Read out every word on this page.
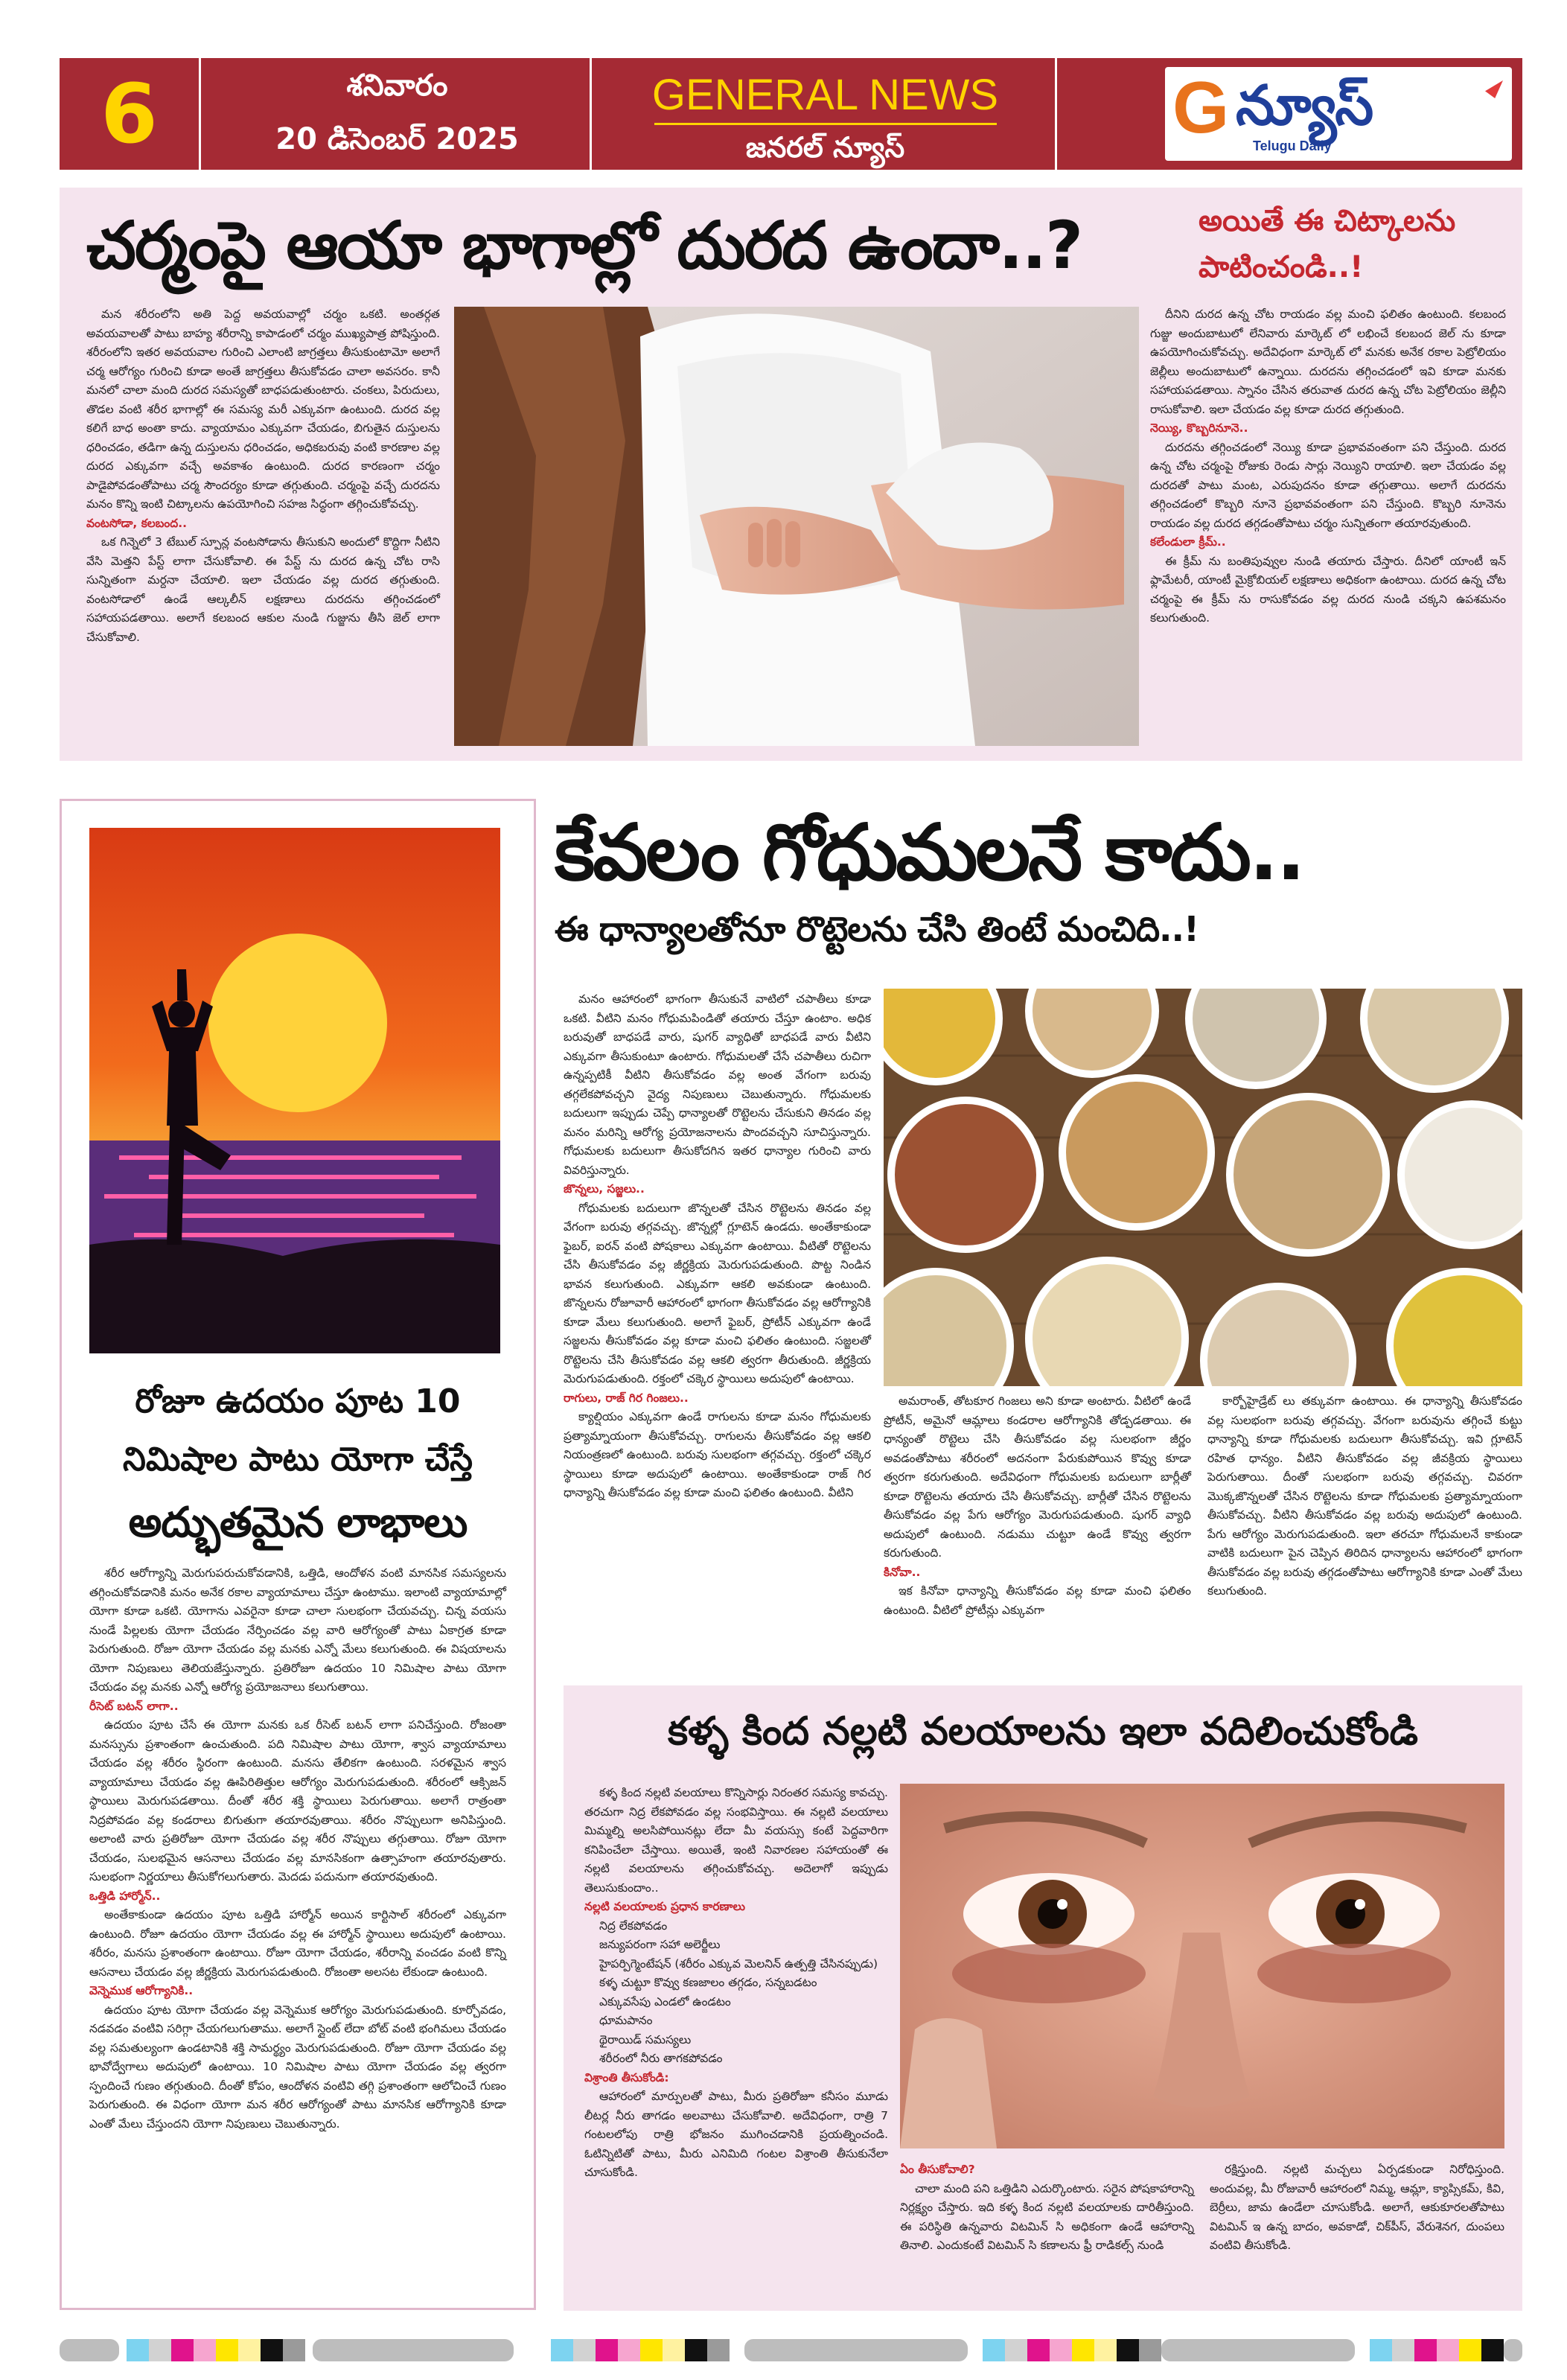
6	శనివారం
20 డిసెంబర్ 2025
GENERAL NEWS
జనరల్ న్యూస్	G న్యూస్
Telugu Daily
చర్మంపై ఆయా భాగాల్లో దురద ఉందా..?	అయితే ఈ చిట్కాలను
పాటించండి..!

మన శరీరంలోని అతి పెద్ద అవయవాల్లో చర్మం ఒకటి. అంతర్గత అవయవాలతో పాటు బాహ్య శరీరాన్ని కాపాడంలో చర్మం ముఖ్యపాత్ర పోషిస్తుంది. శరీరంలోని ఇతర అవయవాల గురించి ఎలాంటి జాగ్రత్తలు తీసుకుంటామో అలాగే చర్మ ఆరోగ్యం గురించి కూడా అంతే జాగ్రత్తలు తీసుకోవడం చాలా అవసరం. కానీ మనలో చాలా మంది దురద సమస్యతో బాధపడుతుంటారు. చంకలు, పిరుదులు, తొడల వంటి శరీర భాగాల్లో ఈ సమస్య మరీ ఎక్కువగా ఉంటుంది. దురద వల్ల కలిగే బాధ అంతా కాదు. వ్యాయామం ఎక్కువగా చేయడం, బిగుతైన దుస్తులను ధరించడం, తడిగా ఉన్న దుస్తులను ధరించడం, అధికబరువు వంటి కారణాల వల్ల దురద ఎక్కువగా వచ్చే అవకాశం ఉంటుంది. దురద కారణంగా చర్మం పాడైపోవడంతోపాటు చర్మ సౌందర్యం కూడా తగ్గుతుంది. చర్మంపై వచ్చే దురదను మనం కొన్ని ఇంటి చిట్కాలను ఉపయోగించి సహజ సిద్ధంగా తగ్గించుకోవచ్చు.

వంటసోడా, కలబంద..

ఒక గిన్నెలో 3 టేబుల్ స్పూన్ల వంటసోడాను తీసుకుని అందులో కొద్దిగా నీటిని వేసి మెత్తని పేస్ట్ లాగా చేసుకోవాలి. ఈ పేస్ట్ ను దురద ఉన్న చోట రాసి సున్నితంగా మర్దనా చేయాలి. ఇలా చేయడం వల్ల దురద తగ్గుతుంది. వంటసోడాలో ఉండే ఆల్కలీన్ లక్షణాలు దురదను తగ్గించడంలో సహాయపడతాయి. అలాగే కలబంద ఆకుల నుండి గుజ్జును తీసి జెల్ లాగా చేసుకోవాలి.

దీనిని దురద ఉన్న చోట రాయడం వల్ల మంచి ఫలితం ఉంటుంది. కలబంద గుజ్జు అందుబాటులో లేనివారు మార్కెట్ లో లభించే కలబంద జెల్ ను కూడా ఉపయోగించుకోవచ్చు. అదేవిధంగా మార్కెట్ లో మనకు అనేక రకాల పెట్రోలియం జెల్లీలు అందుబాటులో ఉన్నాయి. దురదను తగ్గించడంలో ఇవి కూడా మనకు సహాయపడతాయి. స్నానం చేసిన తరువాత దురద ఉన్న చోట పెట్రోలియం జెల్లీని రాసుకోవాలి. ఇలా చేయడం వల్ల కూడా దురద తగ్గుతుంది.

నెయ్యి, కొబ్బరినూనె..

దురదను తగ్గించడంలో నెయ్యి కూడా ప్రభావవంతంగా పని చేస్తుంది. దురద ఉన్న చోట చర్మంపై రోజుకు రెండు సార్లు నెయ్యిని రాయాలి. ఇలా చేయడం వల్ల దురదతో పాటు మంట, ఎరుపుదనం కూడా తగ్గుతాయి. అలాగే దురదను తగ్గించడంలో కొబ్బరి నూనె ప్రభావవంతంగా పని చేస్తుంది. కొబ్బరి నూనెను రాయడం వల్ల దురద తగ్గడంతోపాటు చర్మం సున్నితంగా తయారవుతుంది.

కలేండులా క్రీమ్..

ఈ క్రీమ్ ను బంతిపువ్వుల నుండి తయారు చేస్తారు. దీనిలో యాంటీ ఇన్ ఫ్లామేటరీ, యాంటీ మైక్రోబియల్ లక్షణాలు అధికంగా ఉంటాయి. దురద ఉన్న చోట చర్మంపై ఈ క్రీమ్ ను రాసుకోవడం వల్ల దురద నుండి చక్కని ఉపశమనం కలుగుతుంది.

రోజూ ఉదయం పూట 10
నిమిషాల పాటు యోగా చేస్తే
అద్భుతమైన లాభాలు

శరీర ఆరోగ్యాన్ని మెరుగుపరుచుకోవడానికి, ఒత్తిడి, ఆందోళన వంటి మానసిక సమస్యలను తగ్గించుకోవడానికి మనం అనేక రకాల వ్యాయామాలు చేస్తూ ఉంటాము. ఇలాంటి వ్యాయామాల్లో యోగా కూడా ఒకటి. యోగాను ఎవరైనా కూడా చాలా సులభంగా చేయవచ్చు. చిన్న వయసు నుండే పిల్లలకు యోగా చేయడం నేర్పించడం వల్ల వారి ఆరోగ్యంతో పాటు ఏకాగ్రత కూడా పెరుగుతుంది. రోజూ యోగా చేయడం వల్ల మనకు ఎన్నో మేలు కలుగుతుంది. ఈ విషయాలను యోగా నిపుణులు తెలియజేస్తున్నారు. ప్రతిరోజూ ఉదయం 10 నిమిషాల పాటు యోగా చేయడం వల్ల మనకు ఎన్నో ఆరోగ్య ప్రయోజనాలు కలుగుతాయి.

రీసెట్ బటన్ లాగా..

ఉదయం పూట చేసే ఈ యోగా మనకు ఒక రీసెట్ బటన్ లాగా పనిచేస్తుంది. రోజంతా మనస్సును ప్రశాంతంగా ఉంచుతుంది. పది నిమిషాల పాటు యోగా, శ్వాస వ్యాయామాలు చేయడం వల్ల శరీరం స్థిరంగా ఉంటుంది. మనసు తేలికగా ఉంటుంది. సరళమైన శ్వాస వ్యాయామాలు చేయడం వల్ల ఊపిరితిత్తుల ఆరోగ్యం మెరుగుపడుతుంది. శరీరంలో ఆక్సిజన్ స్థాయిలు మెరుగుపడతాయి. దీంతో శరీర శక్తి స్థాయిలు పెరుగుతాయి. అలాగే రాత్రంతా నిద్రపోవడం వల్ల కండరాలు బిగుతుగా తయారవుతాయి. శరీరం నొప్పులుగా అనిపిస్తుంది. అలాంటి వారు ప్రతిరోజూ యోగా చేయడం వల్ల శరీర నొప్పులు తగ్గుతాయి. రోజూ యోగా చేయడం, సులభమైన ఆసనాలు చేయడం వల్ల మానసికంగా ఉత్సాహంగా తయారవుతారు. సులభంగా నిర్ణయాలు తీసుకోగలుగుతారు. మెదడు పదునుగా తయారవుతుంది.

ఒత్తిడి హార్మోన్..

అంతేకాకుండా ఉదయం పూట ఒత్తిడి హార్మోన్ అయిన కార్టిసాల్ శరీరంలో ఎక్కువగా ఉంటుంది. రోజూ ఉదయం యోగా చేయడం వల్ల ఈ హార్మోన్ స్థాయిలు అదుపులో ఉంటాయి. శరీరం, మనసు ప్రశాంతంగా ఉంటాయి. రోజూ యోగా చేయడం, శరీరాన్ని వంచడం వంటి కొన్ని ఆసనాలు చేయడం వల్ల జీర్ణక్రియ మెరుగుపడుతుంది. రోజంతా అలసట లేకుండా ఉంటుంది.

వెన్నెముక ఆరోగ్యానికి..

ఉదయం పూట యోగా చేయడం వల్ల వెన్నెముక ఆరోగ్యం మెరుగుపడుతుంది. కూర్చోవడం, నడవడం వంటివి సరిగ్గా చేయగలుగుతాము. అలాగే స్లైంట్ లేదా బోట్ వంటి భంగిమలు చేయడం వల్ల సమతుల్యంగా ఉండటానికి శక్తి సామర్థ్యం మెరుగుపడుతుంది. రోజూ యోగా చేయడం వల్ల భావోద్వేగాలు అదుపులో ఉంటాయి. 10 నిమిషాల పాటు యోగా చేయడం వల్ల త్వరగా స్పందించే గుణం తగ్గుతుంది. దీంతో కోపం, ఆందోళన వంటివి తగ్గి ప్రశాంతంగా ఆలోచించే గుణం పెరుగుతుంది. ఈ విధంగా యోగా మన శరీర ఆరోగ్యంతో పాటు మానసిక ఆరోగ్యానికి కూడా ఎంతో మేలు చేస్తుందని యోగా నిపుణులు చెబుతున్నారు.

కేవలం గోధుమలనే కాదు..
ఈ ధాన్యాలతోనూ రొట్టెలను చేసి తింటే మంచిది..!

మనం ఆహారంలో భాగంగా తీసుకునే వాటిలో చపాతీలు కూడా ఒకటి. వీటిని మనం గోధుమపిండితో తయారు చేస్తూ ఉంటాం. అధిక బరువుతో బాధపడే వారు, షుగర్ వ్యాధితో బాధపడే వారు వీటిని ఎక్కువగా తీసుకుంటూ ఉంటారు. గోధుమలతో చేసే చపాతీలు రుచిగా ఉన్నప్పటికీ వీటిని తీసుకోవడం వల్ల అంత వేగంగా బరువు తగ్గలేకపోవచ్చని వైద్య నిపుణులు చెబుతున్నారు. గోధుమలకు బదులుగా ఇప్పుడు చెప్పే ధాన్యాలతో రొట్టెలను చేసుకుని తినడం వల్ల మనం మరిన్ని ఆరోగ్య ప్రయోజనాలను పొందవచ్చని సూచిస్తున్నారు. గోధుమలకు బదులుగా తీసుకోదగిన ఇతర ధాన్యాల గురించి వారు వివరిస్తున్నారు.

జొన్నలు, సజ్జలు..

గోధుమలకు బదులుగా జొన్నలతో చేసిన రొట్టెలను తినడం వల్ల వేగంగా బరువు తగ్గవచ్చు. జొన్నల్లో గ్లూటెన్ ఉండదు. అంతేకాకుండా ఫైబర్, ఐరన్ వంటి పోషకాలు ఎక్కువగా ఉంటాయి. వీటితో రొట్టెలను చేసి తీసుకోవడం వల్ల జీర్ణక్రియ మెరుగుపడుతుంది. పొట్ట నిండిన భావన కలుగుతుంది. ఎక్కువగా ఆకలి అవకుండా ఉంటుంది. జొన్నలను రోజూవారీ ఆహారంలో భాగంగా తీసుకోవడం వల్ల ఆరోగ్యానికి కూడా మేలు కలుగుతుంది. అలాగే ఫైబర్, ప్రోటీన్ ఎక్కువగా ఉండే సజ్జలను తీసుకోవడం వల్ల కూడా మంచి ఫలితం ఉంటుంది. సజ్జలతో రొట్టెలను చేసి తీసుకోవడం వల్ల ఆకలి త్వరగా తీరుతుంది. జీర్ణక్రియ మెరుగుపడుతుంది. రక్తంలో చక్కెర స్థాయిలు అదుపులో ఉంటాయి.

రాగులు, రాజ్ గిర గింజలు..

క్యాల్షియం ఎక్కువగా ఉండే రాగులను కూడా మనం గోధుమలకు ప్రత్యామ్నాయంగా తీసుకోవచ్చు. రాగులను తీసుకోవడం వల్ల ఆకలి నియంత్రణలో ఉంటుంది. బరువు సులభంగా తగ్గవచ్చు. రక్తంలో చక్కెర స్థాయిలు కూడా అదుపులో ఉంటాయి. అంతేకాకుండా రాజ్ గిర ధాన్యాన్ని తీసుకోవడం వల్ల కూడా మంచి ఫలితం ఉంటుంది. వీటిని

అమరాంత్, తోటకూర గింజలు అని కూడా అంటారు. వీటిలో ఉండే ప్రోటీన్, అమైనో ఆమ్లాలు కండరాల ఆరోగ్యానికి తోడ్పడతాయి. ఈ ధాన్యంతో రొట్టెలు చేసి తీసుకోవడం వల్ల సులభంగా జీర్ణం అవడంతోపాటు శరీరంలో అదనంగా పేరుకుపోయిన కొవ్వు కూడా త్వరగా కరుగుతుంది. అదేవిధంగా గోధుమలకు బదులుగా బార్లీతో కూడా రొట్టెలను తయారు చేసి తీసుకోవచ్చు. బార్లీతో చేసిన రొట్టెలను తీసుకోవడం వల్ల పేగు ఆరోగ్యం మెరుగుపడుతుంది. షుగర్ వ్యాధి అదుపులో ఉంటుంది. నడుము చుట్టూ ఉండే కొవ్వు త్వరగా కరుగుతుంది.

కినోవా..

ఇక కినోవా ధాన్యాన్ని తీసుకోవడం వల్ల కూడా మంచి ఫలితం ఉంటుంది. వీటిలో ప్రోటీన్లు ఎక్కువగా

కార్బోహైడ్రేట్ లు తక్కువగా ఉంటాయి. ఈ ధాన్యాన్ని తీసుకోవడం వల్ల సులభంగా బరువు తగ్గవచ్చు. వేగంగా బరువును తగ్గించే కుట్టు ధాన్యాన్ని కూడా గోధుమలకు బదులుగా తీసుకోవచ్చు. ఇవి గ్లూటెన్ రహిత ధాన్యం. వీటిని తీసుకోవడం వల్ల జీవక్రియ స్థాయిలు పెరుగుతాయి. దీంతో సులభంగా బరువు తగ్గవచ్చు. చివరగా మొక్కజొన్నలతో చేసిన రొట్టెలను కూడా గోధుమలకు ప్రత్యామ్నాయంగా తీసుకోవచ్చు. వీటిని తీసుకోవడం వల్ల బరువు అదుపులో ఉంటుంది. పేగు ఆరోగ్యం మెరుగుపడుతుంది. ఇలా తరచూ గోధుమలనే కాకుండా వాటికి బదులుగా పైన చెప్పిన తిరిదిన ధాన్యాలను ఆహారంలో భాగంగా తీసుకోవడం వల్ల బరువు తగ్గడంతోపాటు ఆరోగ్యానికి కూడా ఎంతో మేలు కలుగుతుంది.

కళ్ళ కింద నల్లటి వలయాలను ఇలా వదిలించుకోండి

కళ్ళ కింద నల్లటి వలయాలు కొన్నిసార్లు నిరంతర సమస్య కావచ్చు. తరచుగా నిద్ర లేకపోవడం వల్ల సంభవిస్తాయి. ఈ నల్లటి వలయాలు మిమ్మల్ని అలసిపోయినట్లు లేదా మీ వయస్సు కంటే పెద్దవారిగా కనిపించేలా చేస్తాయి. అయితే, ఇంటి నివారణల సహాయంతో ఈ నల్లటి వలయాలను తగ్గించుకోవచ్చు. అదెలాగో ఇప్పుడు తెలుసుకుందాం..

నల్లటి వలయాలకు ప్రధాన కారణాలు

నిద్ర లేకపోవడం
జన్యుపరంగా సహా అలెర్జీలు
హైపర్పిగ్మెంటేషన్ (శరీరం ఎక్కువ మెలనిన్ ఉత్పత్తి చేసినప్పుడు)
కళ్ళ చుట్టూ కొవ్వు కణజాలం తగ్గడం, సన్నబడటం
ఎక్కువసేపు ఎండలో ఉండటం
ధూమపానం
థైరాయిడ్ సమస్యలు
శరీరంలో నీరు తాగకపోవడం

విశ్రాంతి తీసుకోండి:

ఆహారంలో మార్పులతో పాటు, మీరు ప్రతిరోజూ కనీసం మూడు లీటర్ల నీరు తాగడం అలవాటు చేసుకోవాలి. అదేవిధంగా, రాత్రి 7 గంటలలోపు రాత్రి భోజనం ముగించడానికి ప్రయత్నించండి. ఓటిన్నిటితో పాటు, మీరు ఎనిమిది గంటల విశ్రాంతి తీసుకునేలా చూసుకోండి.	ఏం తీసుకోవాలి?

చాలా మంది పని ఒత్తిడిని ఎదుర్కొంటారు. సరైన పోషకాహారాన్ని నిర్లక్ష్యం చేస్తారు. ఇది కళ్ళ కింద నల్లటి వలయాలకు దారితీస్తుంది. ఈ పరిస్థితి ఉన్నవారు విటమిన్ సి అధికంగా ఉండే ఆహారాన్ని తినాలి. ఎందుకంటే విటమిన్ సి కణాలను ఫ్రీ రాడికల్స్ నుండి

రక్షిస్తుంది. నల్లటి మచ్చలు ఏర్పడకుండా నిరోధిస్తుంది. అందువల్ల, మీ రోజువారీ ఆహారంలో నిమ్మ, ఆమ్లా, క్యాప్సికమ్, కివి, బెర్రీలు, జామ ఉండేలా చూసుకోండి. అలాగే, ఆకుకూరలతోపాటు విటమిన్ ఇ ఉన్న బాదం, అవకాడో, చిక్‌పీస్, వేరుశెనగ, దుంపలు వంటివి తీసుకోండి.
